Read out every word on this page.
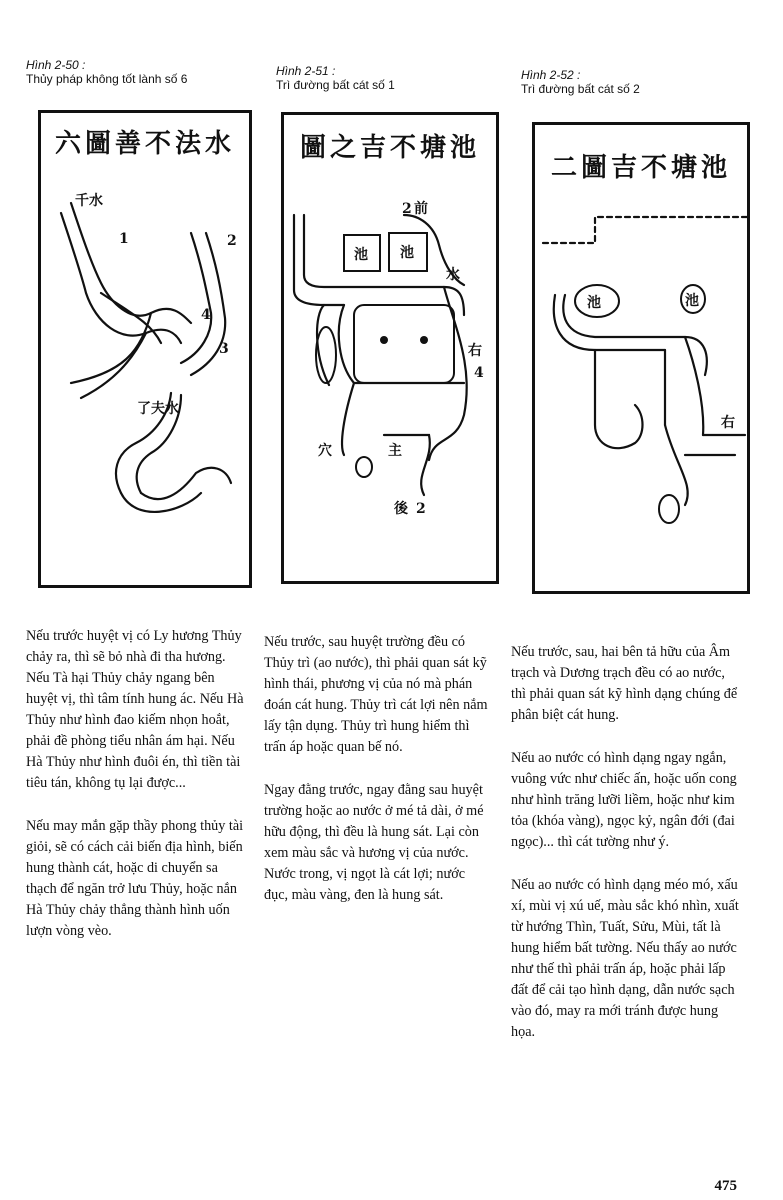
Hình 2-50 :
Thủy pháp không tốt lành số 6
Hình 2-51 :
Trì đường bất cát số 1
Hình 2-52 :
Trì đường bất cát số 2
六圖善不法水
千水
1	2
4
3
了夫水
圖之吉不塘池
前
2
池 池
水
右
4
穴	主
後 2
二圖吉不塘池
池	池
右

Nếu trước huyệt vị có Ly hương Thủy chảy ra, thì sẽ bỏ nhà đi tha hương. Nếu Tà hại Thủy chảy ngang bên huyệt vị, thì tâm tính hung ác. Nếu Hà Thủy như hình đao kiếm nhọn hoắt, phải đề phòng tiểu nhân ám hại. Nếu Hà Thủy như hình đuôi én, thì tiền tài tiêu tán, không tụ lại được...

Nếu may mắn gặp thầy phong thủy tài giỏi, sẽ có cách cải biến địa hình, biến hung thành cát, hoặc di chuyển sa thạch để ngăn trở lưu Thủy, hoặc nắn Hà Thủy chảy thẳng thành hình uốn lượn vòng vèo.

Nếu trước, sau huyệt trường đều có Thủy trì (ao nước), thì phải quan sát kỹ hình thái, phương vị của nó mà phán đoán cát hung. Thủy trì cát lợi nên nắm lấy tận dụng. Thủy trì hung hiểm thì trấn áp hoặc quan bế nó.

Ngay đằng trước, ngay đằng sau huyệt trường hoặc ao nước ở mé tả dài, ở mé hữu động, thì đều là hung sát. Lại còn xem màu sắc và hương vị của nước. Nước trong, vị ngọt là cát lợi; nước đục, màu vàng, đen là hung sát.

Nếu trước, sau, hai bên tả hữu của Âm trạch và Dương trạch đều có ao nước, thì phải quan sát kỹ hình dạng chúng để phân biệt cát hung.

Nếu ao nước có hình dạng ngay ngắn, vuông vức như chiếc ấn, hoặc uốn cong như hình trăng lưỡi liềm, hoặc như kim tỏa (khóa vàng), ngọc kỷ, ngân đới (đai ngọc)... thì cát tường như ý.

Nếu ao nước có hình dạng méo mó, xấu xí, mùi vị xú uế, màu sắc khó nhìn, xuất từ hướng Thìn, Tuất, Sửu, Mùi, tất là hung hiểm bất tường. Nếu thấy ao nước như thế thì phải trấn áp, hoặc phải lấp đất để cải tạo hình dạng, dẫn nước sạch vào đó, may ra mới tránh được hung họa.

475
